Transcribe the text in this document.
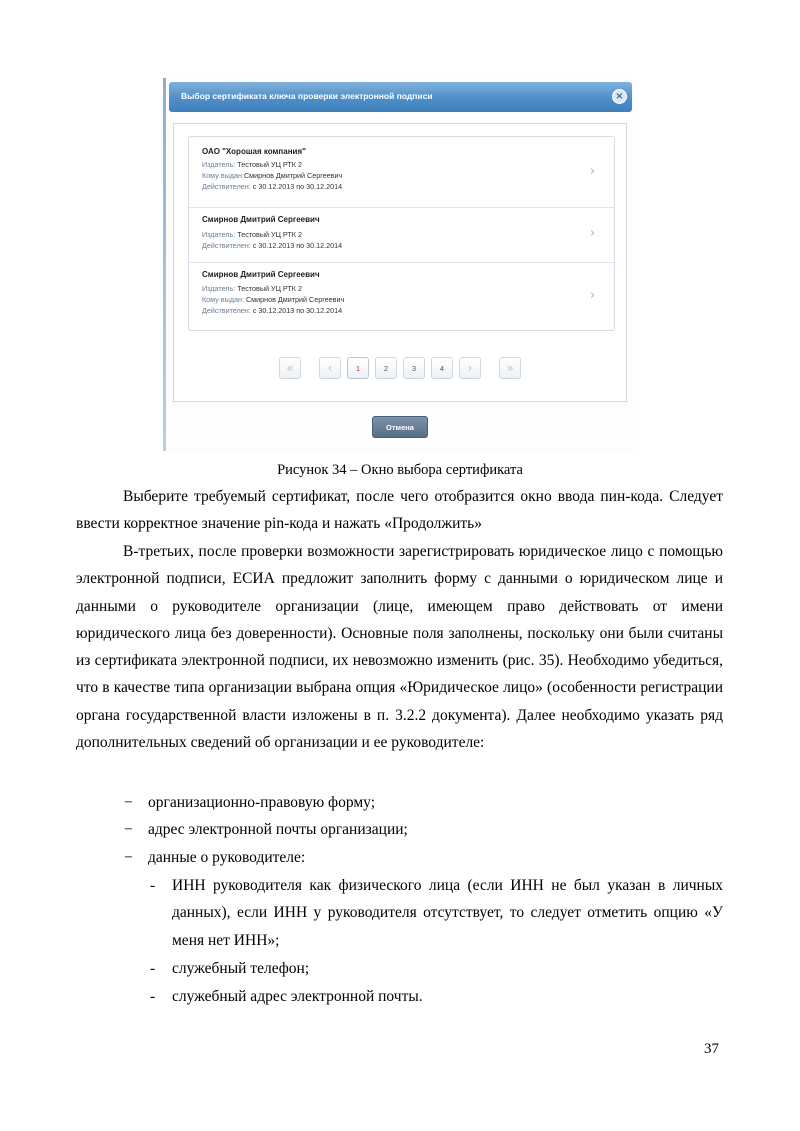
Выбор сертификата ключа проверки электронной подписи	×
ОАО "Хорошая компания"
Издатель: Тестовый УЦ РТК 2
Кому выдан:Смирнов Дмитрий Сергеевич
Действителен: с 30.12.2013 по 30.12.2014
›
Смирнов Дмитрий Сергеевич
Издатель: Тестовый УЦ РТК 2
Действителен: с 30.12.2013 по 30.12.2014
›
Смирнов Дмитрий Сергеевич
Издатель: Тестовый УЦ РТК 2
Кому выдан: Смирнов Дмитрий Сергеевич
Действителен: с 30.12.2013 по 30.12.2014
›
«	‹	1	2	3	4	›	»
Отмена
Рисунок 34 – Окно выбора сертификата
Выберите требуемый сертификат, после чего отобразится окно ввода пин-кода. Следует ввести корректное значение pin-кода и нажать «Продолжить»
В-третьих, после проверки возможности зарегистрировать юридическое лицо с помощью электронной подписи, ЕСИА предложит заполнить форму с данными о юридическом лице и данными о руководителе организации (лице, имеющем право действовать от имени юридического лица без доверенности). Основные поля заполнены, поскольку они были считаны из сертификата электронной подписи, их невозможно изменить (рис. 35). Необходимо убедиться, что в качестве типа организации выбрана опция «Юридическое лицо» (особенности регистрации органа государственной власти изложены в п. 3.2.2 документа). Далее необходимо указать ряд дополнительных сведений об организации и ее руководителе:
− организационно-правовую форму;
− адрес электронной почты организации;
− данные о руководителе:
- ИНН руководителя как физического лица (если ИНН не был указан в личных данных), если ИНН у руководителя отсутствует, то следует отметить опцию «У меня нет ИНН»;
- служебный телефон;
- служебный адрес электронной почты.
37
